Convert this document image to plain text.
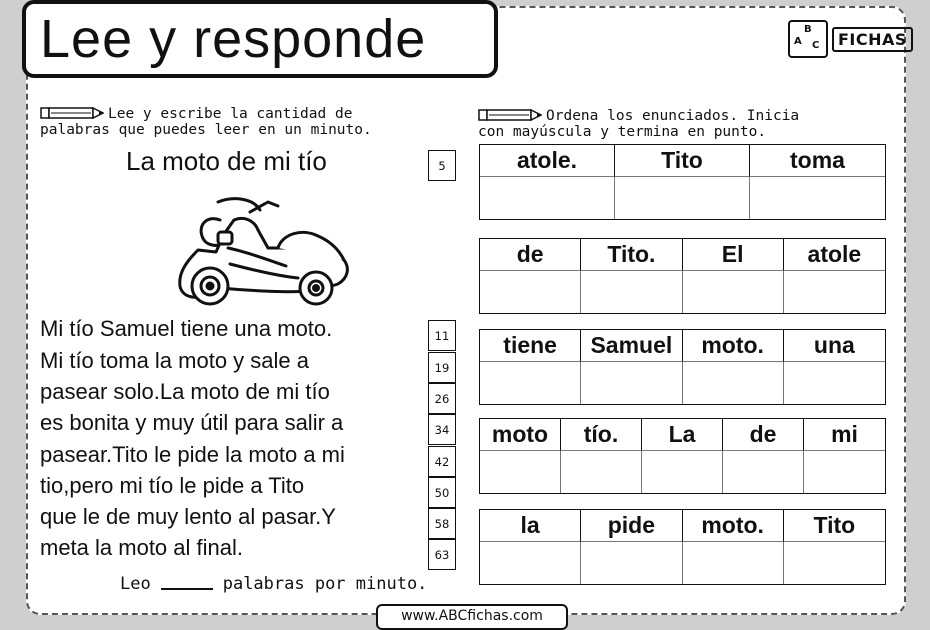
Lee y responde	A
B
C	FICHAS
Lee y escribe la cantidad de
palabras que puedes leer en un minuto.
Ordena los enunciados. Inicia
con mayúscula y termina en punto.
La moto de mi tío	5
Mi tío Samuel tiene una moto.	11
Mi tío toma la moto y sale a	19
pasear solo.La moto de mi tío	26
es bonita y muy útil para salir a	34
pasear.Tito le pide la moto a mi	42
tio,pero mi tío le pide a Tito	50
que le de muy lento al pasar.Y	58
meta la moto al final.	63
Leo	palabras por minuto.
www.ABCfichas.com
atole.	Tito	toma
de	Tito.	El	atole
tiene	Samuel	moto.	una
moto	tío.	La	de	mi
la	pide	moto.	Tito
